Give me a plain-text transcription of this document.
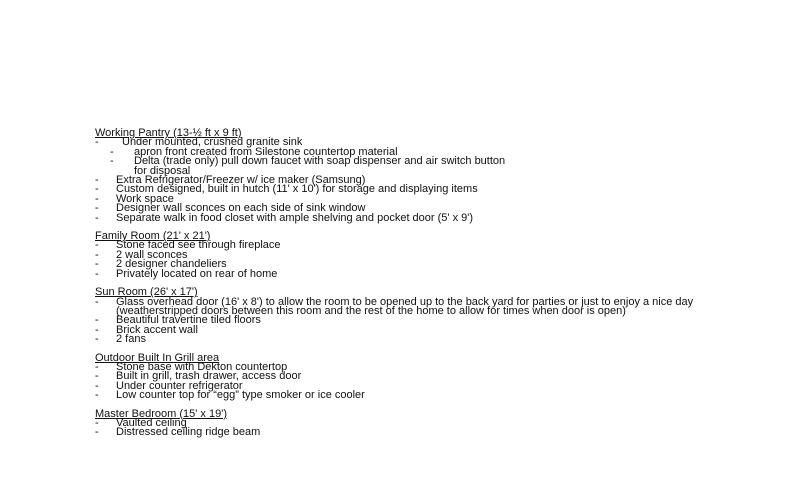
Working Pantry (13-½ ft x 9 ft)
- Under mounted, crushed granite sink
- apron front created from Silestone countertop material
- Delta (trade only) pull down faucet with soap dispenser and air switch button
for disposal
- Extra Refrigerator/Freezer w/ ice maker (Samsung)
- Custom designed, built in hutch (11' x 10') for storage and displaying items
- Work space
- Designer wall sconces on each side of sink window
- Separate walk in food closet with ample shelving and pocket door (5' x 9')
Family Room (21' x 21')
- Stone faced see through fireplace
- 2 wall sconces
- 2 designer chandeliers
- Privately located on rear of home
Sun Room (26' x 17')
- Glass overhead door (16' x 8') to allow the room to be opened up to the back yard for parties or just to enjoy a nice day (weatherstripped doors between this room and the rest of the home to allow for times when door is open)
- Beautiful travertine tiled floors
- Brick accent wall
- 2 fans
Outdoor Built In Grill area
- Stone base with Dekton countertop
- Built in grill, trash drawer, access door
- Under counter refrigerator
- Low counter top for “egg” type smoker or ice cooler
Master Bedroom (15' x 19')
- Vaulted ceiling
- Distressed ceiling ridge beam
